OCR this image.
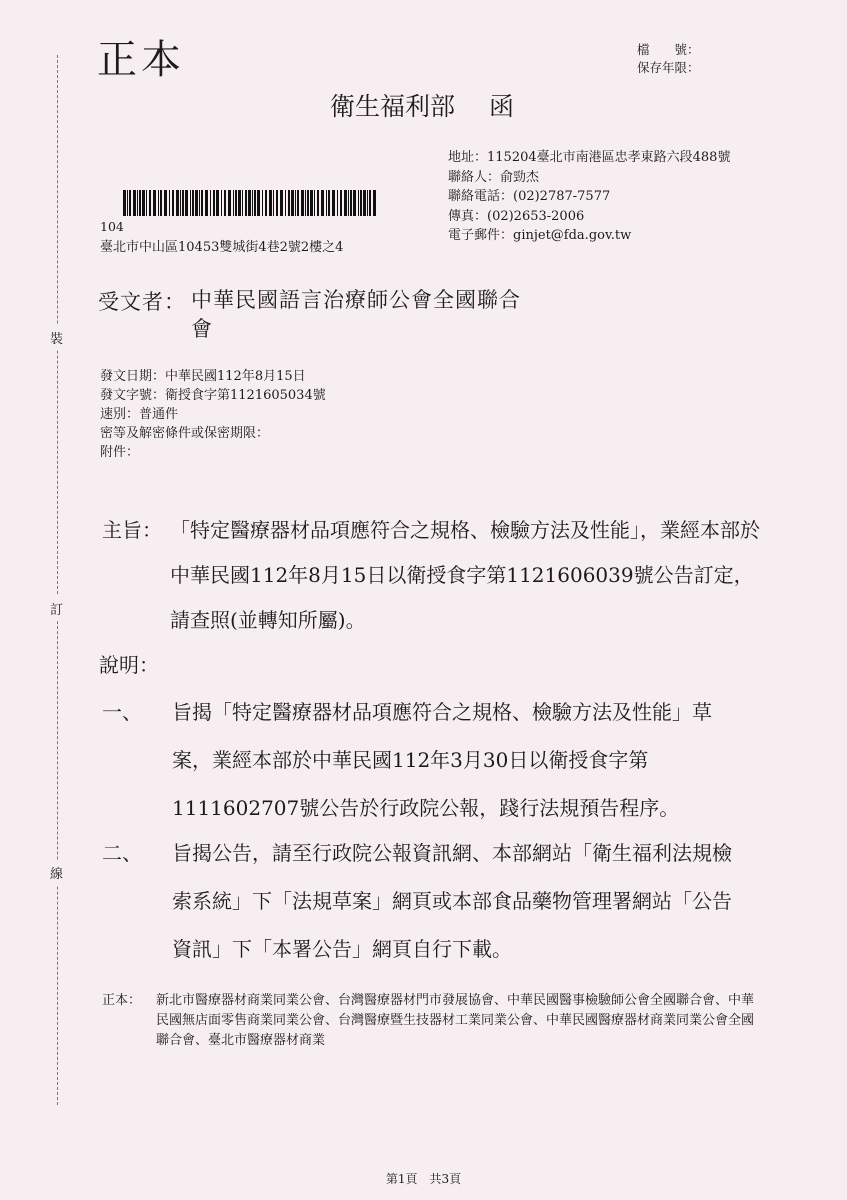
裝
訂
線
正本	檔　　號：
保存年限：
衛生福利部 函
地址：115204臺北市南港區忠孝東路六段488號
聯絡人：俞勁杰
聯絡電話：(02)2787-7577
傳真：(02)2653-2006
電子郵件：ginjet@fda.gov.tw
104
臺北市中山區10453雙城街4巷2號2樓之4
受文者： 中華民國語言治療師公會全國聯合會
發文日期：中華民國112年8月15日
發文字號：衛授食字第1121605034號
速別：普通件
密等及解密條件或保密期限：
附件：
主旨： 「特定醫療器材品項應符合之規格、檢驗方法及性能」，業經本部於中華民國112年8月15日以衛授食字第1121606039號公告訂定，請查照(並轉知所屬)。
說明：
一、 旨揭「特定醫療器材品項應符合之規格、檢驗方法及性能」草案，業經本部於中華民國112年3月30日以衛授食字第1111602707號公告於行政院公報，踐行法規預告程序。
二、 旨揭公告，請至行政院公報資訊網、本部網站「衛生福利法規檢索系統」下「法規草案」網頁或本部食品藥物管理署網站「公告資訊」下「本署公告」網頁自行下載。
正本： 新北市醫療器材商業同業公會、台灣醫療器材門市發展協會、中華民國醫事檢驗師公會全國聯合會、中華民國無店面零售商業同業公會、台灣醫療暨生技器材工業同業公會、中華民國醫療器材商業同業公會全國聯合會、臺北市醫療器材商業
第1頁 共3頁
